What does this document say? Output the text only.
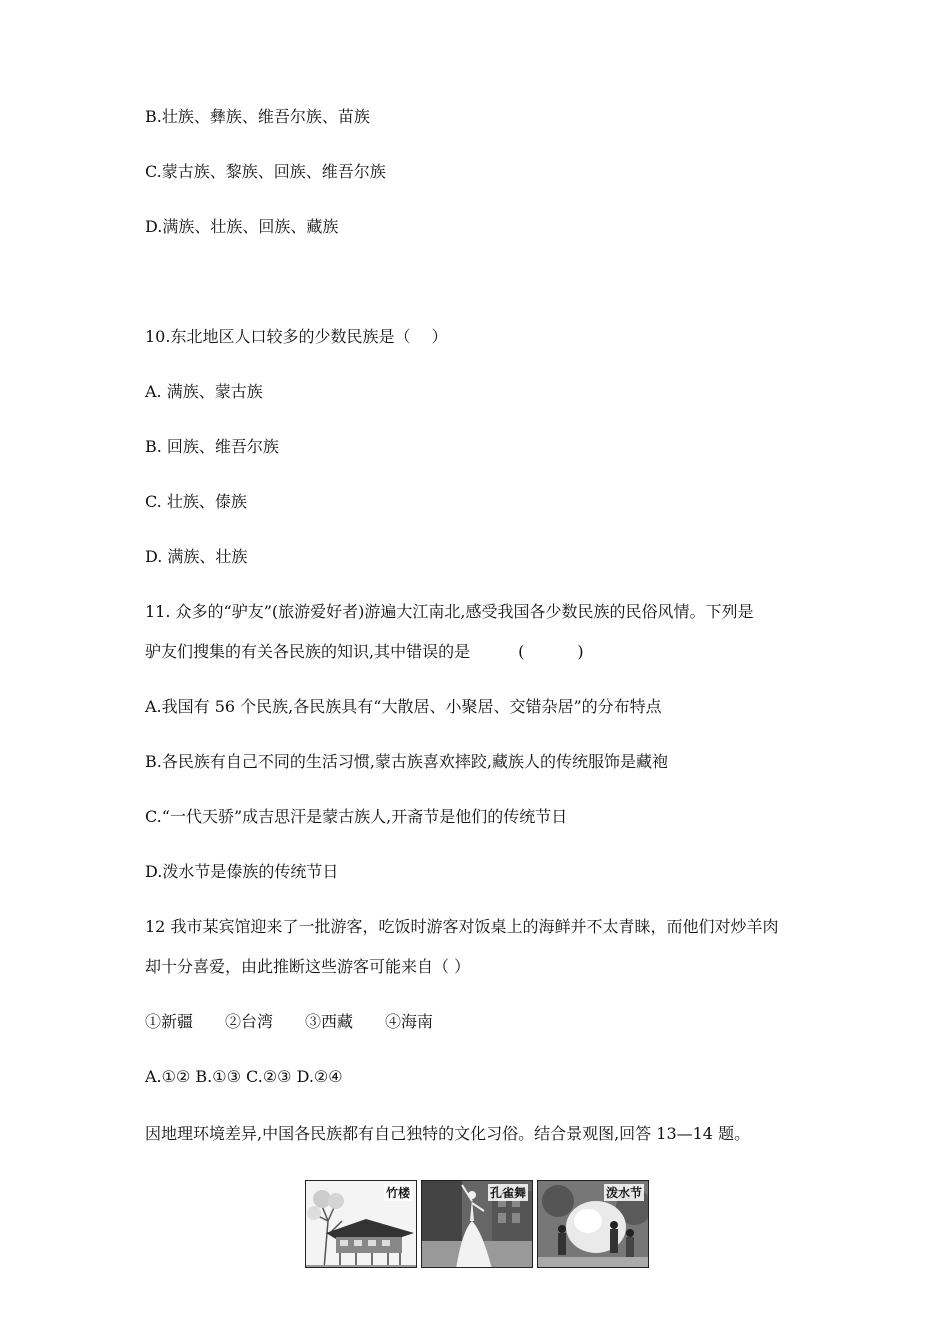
B.壮族、彝族、维吾尔族、苗族
C.蒙古族、黎族、回族、维吾尔族
D.满族、壮族、回族、藏族
10.东北地区人口较多的少数民族是（　 ）
A. 满族、蒙古族
B. 回族、维吾尔族
C. 壮族、傣族
D. 满族、壮族
11. 众多的“驴友”(旅游爱好者)游遍大江南北,感受我国各少数民族的民俗风情。下列是
驴友们搜集的有关各民族的知识,其中错误的是　　　(　　　 )
A.我国有 56 个民族,各民族具有“大散居、小聚居、交错杂居”的分布特点
B.各民族有自己不同的生活习惯,蒙古族喜欢摔跤,藏族人的传统服饰是藏袍
C.“一代天骄”成吉思汗是蒙古族人,开斋节是他们的传统节日
D.泼水节是傣族的传统节日
12 我市某宾馆迎来了一批游客，吃饭时游客对饭桌上的海鲜并不太青睐，而他们对炒羊肉
却十分喜爱，由此推断这些游客可能来自（ ）
①新疆　　②台湾　　③西藏　　④海南
A.①② B.①③ C.②③ D.②④
因地理环境差异,中国各民族都有自己独特的文化习俗。结合景观图,回答 13—14 题。
竹楼	孔雀舞	泼水节
